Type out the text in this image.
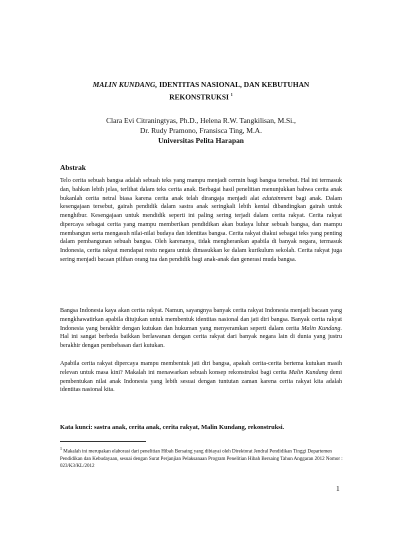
MALIN KUNDANG, IDENTITAS NASIONAL, DAN KEBUTUHAN
REKONSTRUKSI $^1$
Clara Evi Citraningtyas, Ph.D., Helena R.W. Tangkilisan, M.Si.,
Dr. Rudy Pramono, Fransisca Ting, M.A.
Universitas Pelita Harapan
Abstrak
Telo cerita sebuah bangsa adalah sebuah teks yang mampu menjadi cermin bagi bangsa tersebut. Hal ini termasuk dan, bahkan lebih jelas, terlihat dalam teks cerita anak. Berbagai hasil penelitian menunjukkan bahwa cerita anak bukanlah cerita netral biasa karena cerita anak telah dirangaja menjadi alat edutainment bagi anak. Dalam kesengajaan tersebut, gairah pendidik dalam sastra anak seringkali lebih kental dibandingkan gairah untuk menghibur. Kesengajaan untuk mendidik seperti ini paling sering terjadi dalam cerita rakyat. Cerita rakyat dipercaya sebagai cerita yang mampu memberikan pendidikan akan budaya luhur sebuah bangsa, dan mampu membangun serta mengasuh nilai-nilai budaya dan identitas bangsa. Cerita rakyat diakui sebagai teks yang penting dalam pembangunan sebuah bangsa. Oleh karenanya, tidak mengherankan apabila di banyak negara, termasuk Indonesia, cerita rakyat mendapat restu negara untuk dimasukkan ke dalam kurikulum sekolah. Cerita rakyat juga sering menjadi bacaan pilihan orang tua dan pendidik bagi anak-anak dan generasi muda bangsa.
Bangsa Indonesia kaya akan cerita rakyat. Namun, sayangnya banyak cerita rakyat Indonesia menjadi bacaan yang mengkhawatirkan apabila ditujukan untuk membentuk identitas nasional dan jati diri bangsa. Banyak cerita rakyat Indonesia yang berakhir dengan kutukan dan hukuman yang menyeramkan seperti dalam cerita Malin Kundang. Hal ini sangat berbeda baikkan berlawanan dengan cerita rakyat dari banyak negara lain di dunia yang justru berakhir dengan pembebasan dari kutukan.
Apabila cerita rakyat dipercaya mampu membentuk jati diri bangsa, apakah cerita-cerita bertema kutukan masih relevan untuk masa kini? Makalah ini menawarkan sebuah konsep rekonstruksi bagi cerita Malin Kundang demi pembentukan nilai anak Indonesia yang lebih sesuai dengan tuntutan zaman karena cerita rakyat kita adalah identitas nasional kita.
Kata kunci: sastra anak, cerita anak, cerita rakyat, Malin Kundang, rekonstruksi.
$^1$ Makalah ini merupakan elaborasi dari penelitian Hibah Bersaing yang dibiayai oleh Direktorat Jendral Pendidikan Tinggi Departemen Pendidikan dan Kebudayaan, sesuai dengan Surat Perjanjian Pelaksanaan Program Penelitian Hibah Bersaing Tahun Anggaran 2012 Nomor : 023/K3/KL/2012
1
